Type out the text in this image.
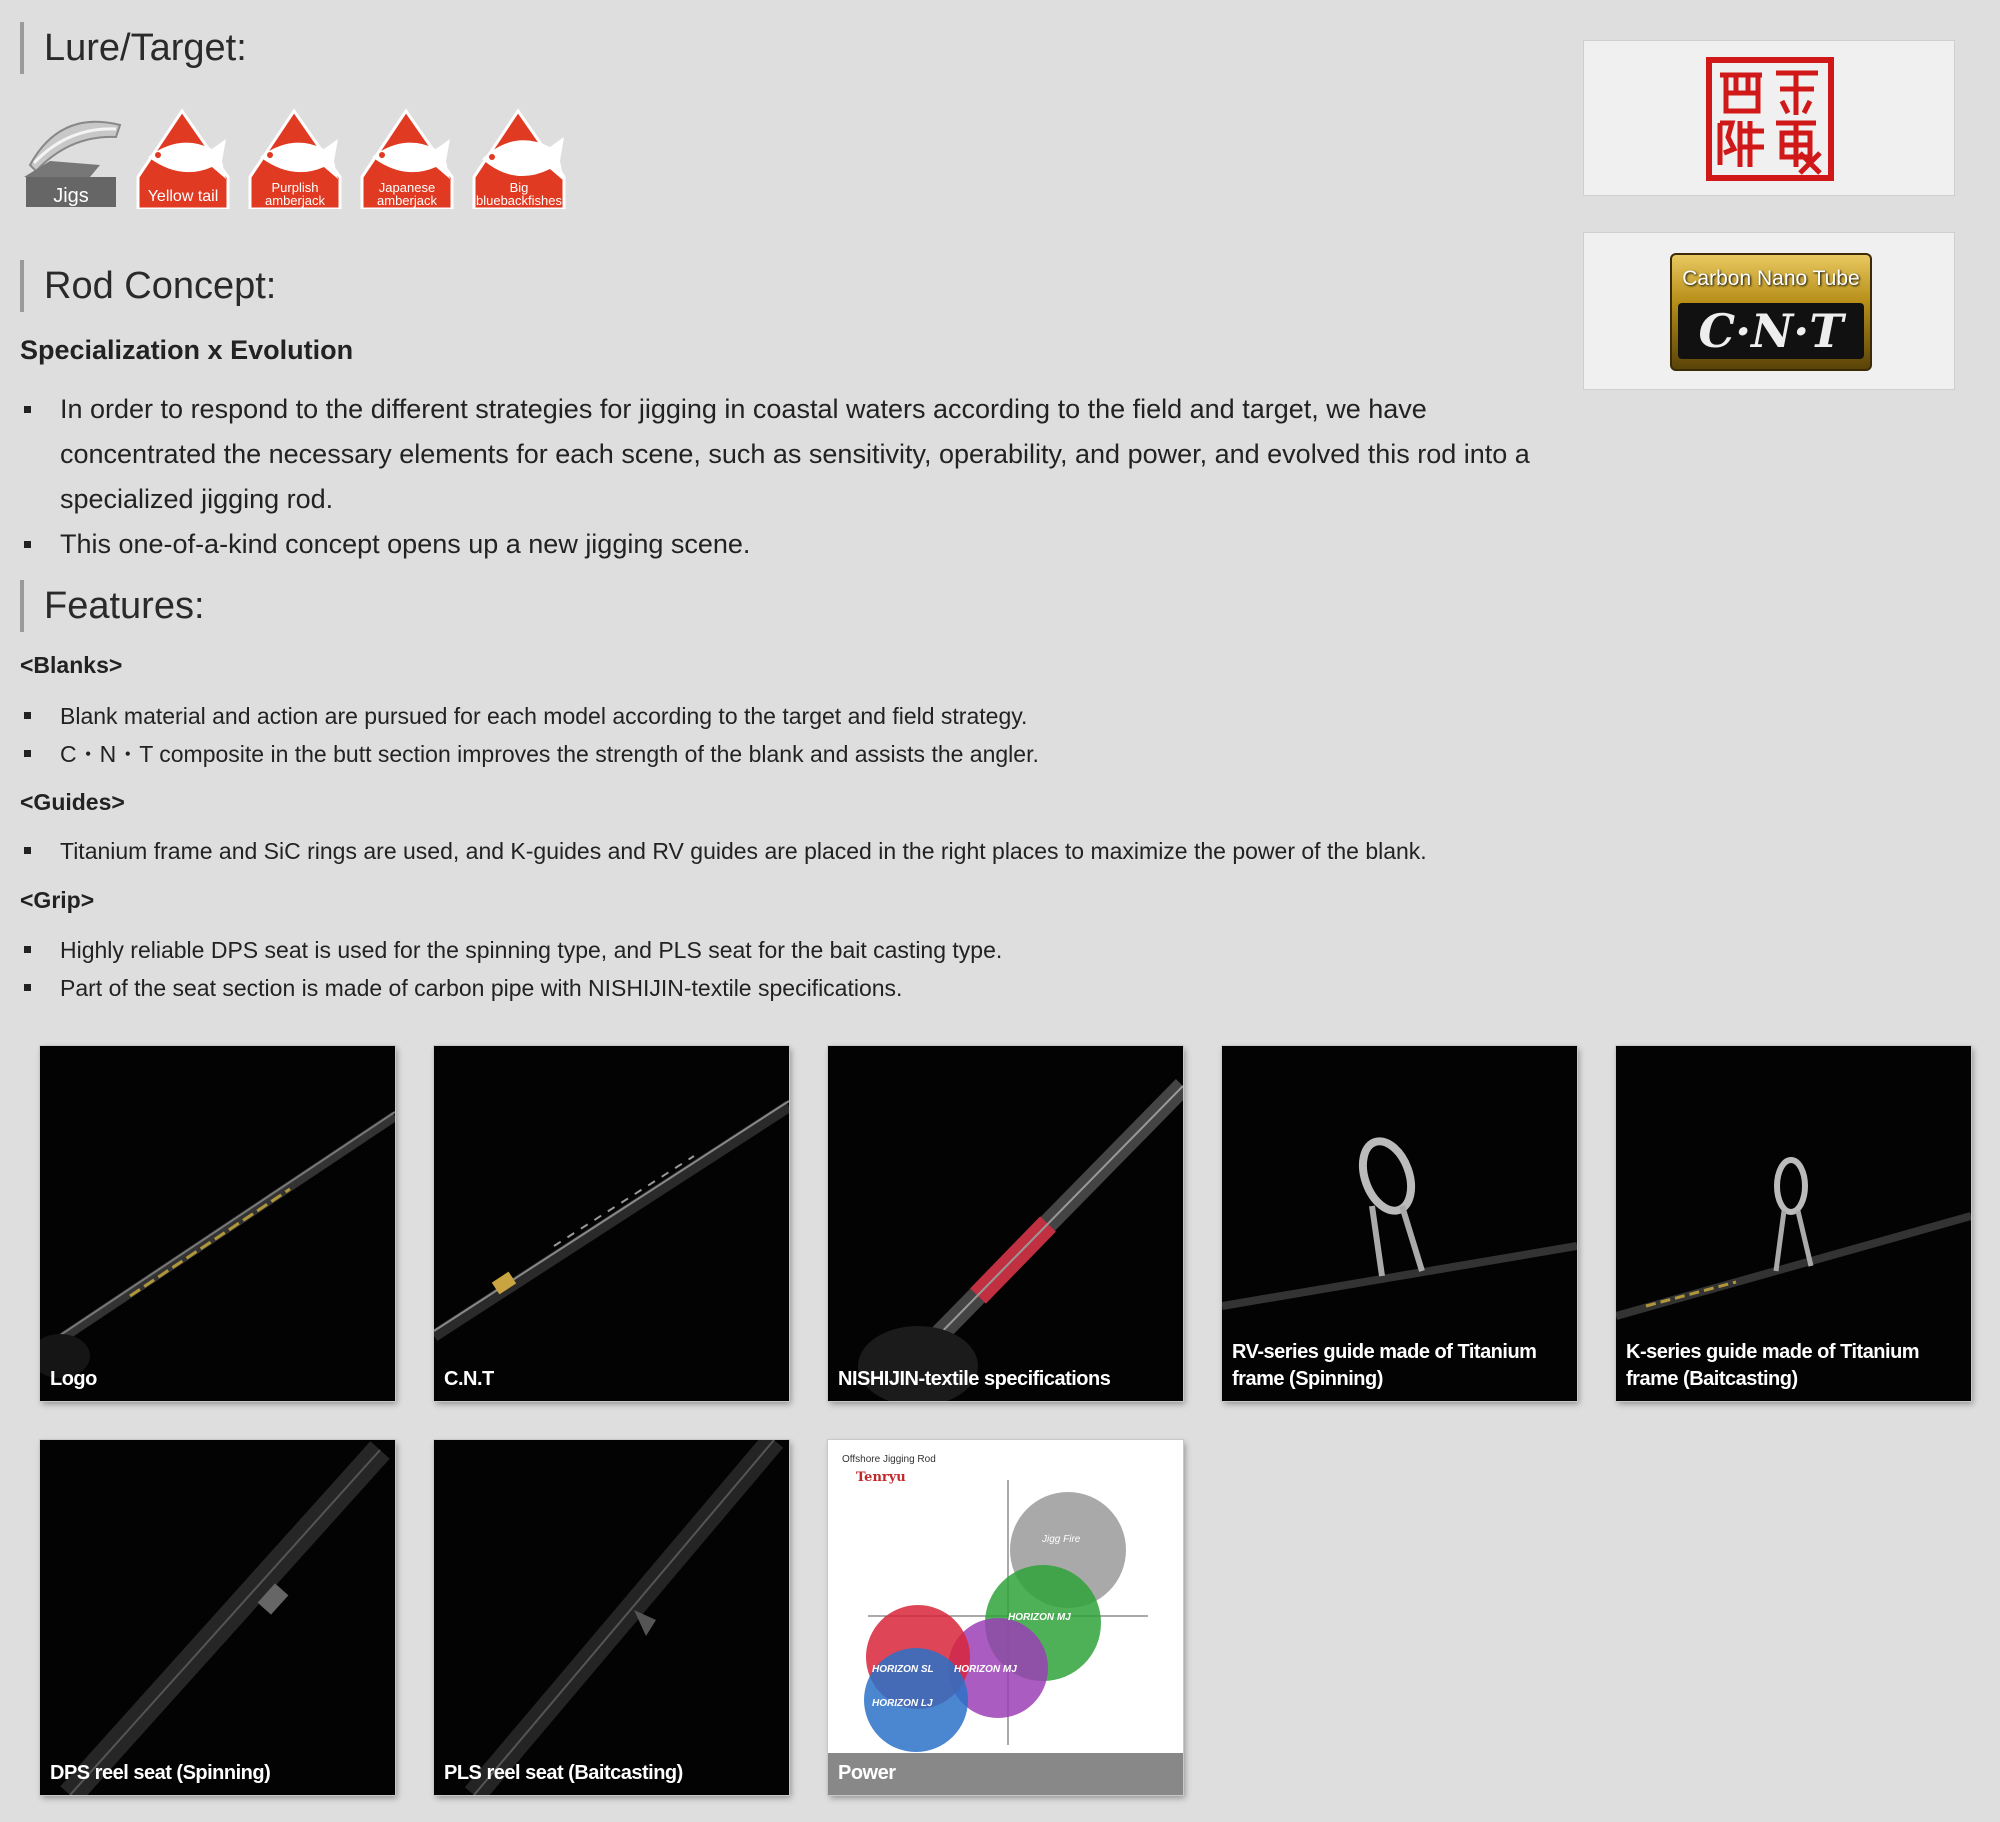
Lure/Target:
Jigs	Yellow tail
Purplish amberjack
Japanese amberjack
Big bluebackfishes
Carbon Nano Tube
C·N·T
Rod Concept:
Specialization x Evolution
In order to respond to the different strategies for jigging in coastal waters according to the field and target, we have concentrated the necessary elements for each scene, such as sensitivity, operability, and power, and evolved this rod into a specialized jigging rod.
This one-of-a-kind concept opens up a new jigging scene.
Features:
<Blanks>
Blank material and action are pursued for each model according to the target and field strategy.
C・N・T composite in the butt section improves the strength of the blank and assists the angler.
<Guides>
Titanium frame and SiC rings are used, and K-guides and RV guides are placed in the right places to maximize the power of the blank.
<Grip>
Highly reliable DPS seat is used for the spinning type, and PLS seat for the bait casting type.
Part of the seat section is made of carbon pipe with NISHIJIN-textile specifications.
Logo	C.N.T	NISHIJIN-textile specifications
RV-series guide made of Titanium frame (Spinning)
K-series guide made of Titanium frame (Baitcasting)
DPS reel seat (Spinning)	PLS reel seat (Baitcasting)
Offshore Jigging Rod
Tenryu
Jigg Fire
HORIZON MJ
HORIZON SL HORIZON MJ
HORIZON LJ
Power
